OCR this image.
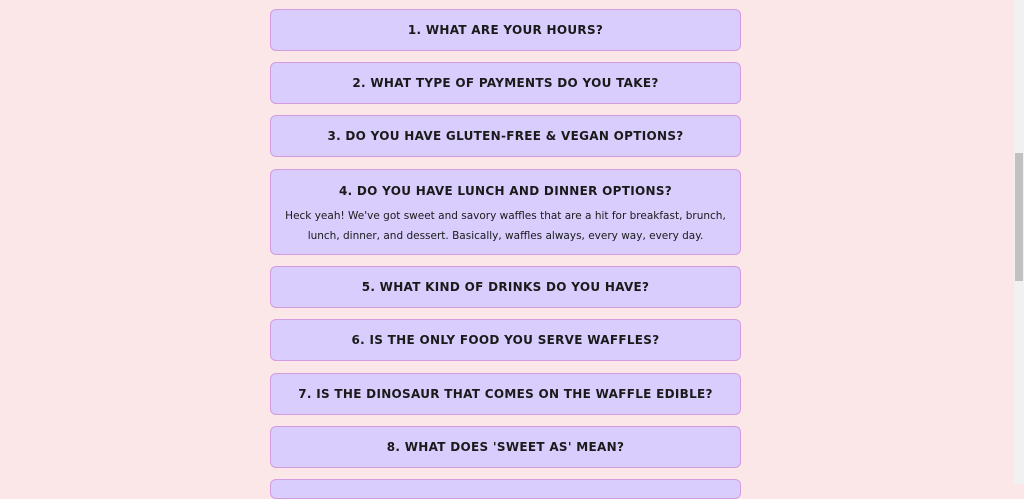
1. WHAT ARE YOUR HOURS?
2. WHAT TYPE OF PAYMENTS DO YOU TAKE?
3. DO YOU HAVE GLUTEN-FREE & VEGAN OPTIONS?
4. DO YOU HAVE LUNCH AND DINNER OPTIONS?
Heck yeah! We've got sweet and savory waffles that are a hit for breakfast, brunch, lunch, dinner, and dessert. Basically, waffles always, every way, every day.
5. WHAT KIND OF DRINKS DO YOU HAVE?
6. IS THE ONLY FOOD YOU SERVE WAFFLES?
7. IS THE DINOSAUR THAT COMES ON THE WAFFLE EDIBLE?
8. WHAT DOES 'SWEET AS' MEAN?
